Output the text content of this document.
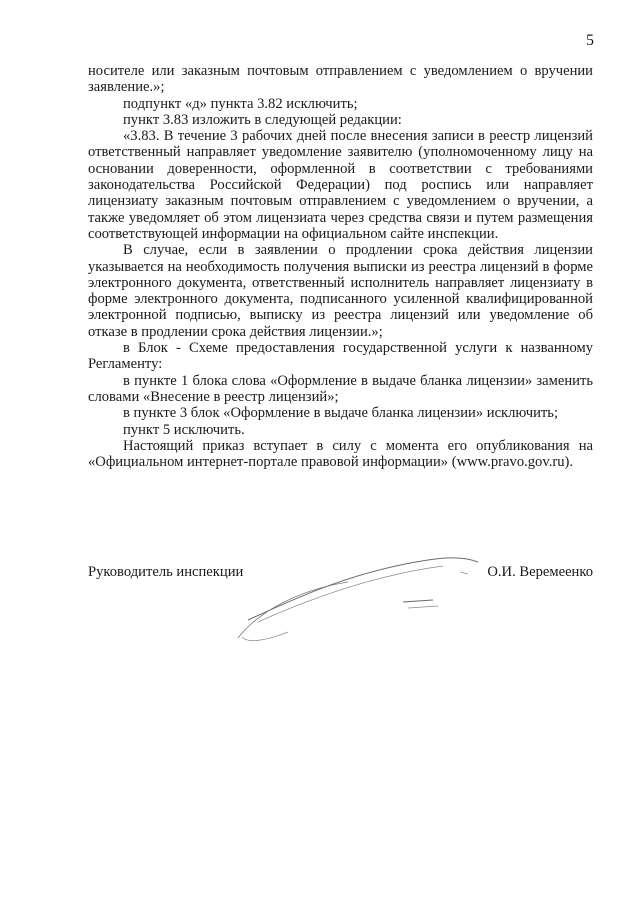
5

носителе или заказным почтовым отправлением с уведомлением о вручении заявление.»;

подпункт «д» пункта 3.82 исключить;

пункт 3.83 изложить в следующей редакции:

«3.83. В течение 3 рабочих дней после внесения записи в реестр лицензий ответственный направляет уведомление заявителю (уполномоченному лицу на основании доверенности, оформленной в соответствии с требованиями законодательства Российской Федерации) под роспись или направляет лицензиату заказным почтовым отправлением с уведомлением о вручении, а также уведомляет об этом лицензиата через средства связи и путем размещения соответствующей информации на официальном сайте инспекции.

В случае, если в заявлении о продлении срока действия лицензии указывается на необходимость получения выписки из реестра лицензий в форме электронного документа, ответственный исполнитель направляет лицензиату в форме электронного документа, подписанного усиленной квалифицированной электронной подписью, выписку из реестра лицензий или уведомление об отказе в продлении срока действия лицензии.»;

в Блок - Схеме предоставления государственной услуги к названному Регламенту:

в пункте 1 блока слова «Оформление в выдаче бланка лицензии» заменить словами «Внесение в реестр лицензий»;

в пункте 3 блок «Оформление в выдаче бланка лицензии» исключить;

пункт 5 исключить.

Настоящий приказ вступает в силу с момента его опубликования на «Официальном интернет-портале правовой информации» (www.pravo.gov.ru).

Руководитель инспекции	О.И. Веремеенко
